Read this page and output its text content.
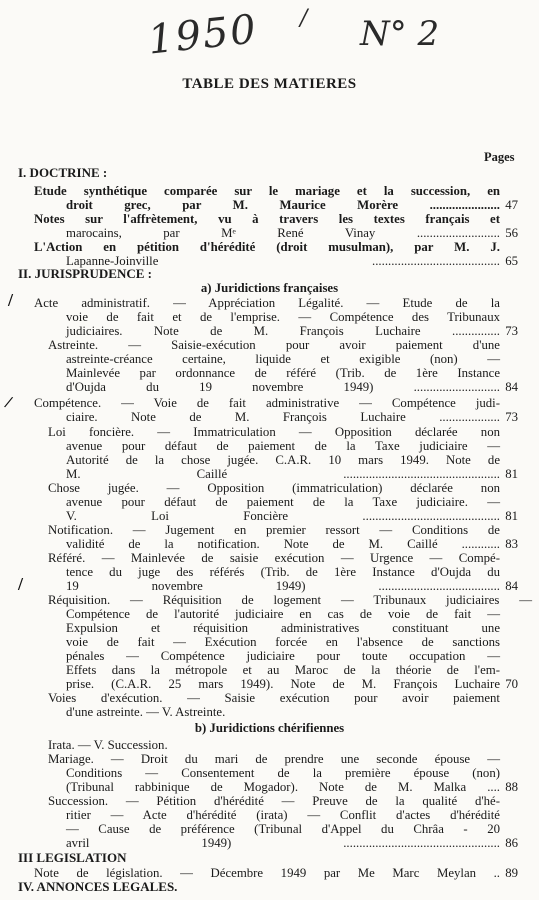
1950 / N° 2
TABLE DES MATIERES
Pages
I. DOCTRINE :
Etude synthétique comparée sur le mariage et la succession, en
droit grec, par M. Maurice Morère ...................... 47
Notes sur l'affrètement, vu à travers les textes français et
marocains, par Mᵉ René Vinay .......................... 56
L'Action en pétition d'hérédité (droit musulman), par M. J.
Lapanne-Joinville ........................................ 65
II. JURISPRUDENCE :
a) Juridictions françaises
/ Acte administratif. — Appréciation Légalité. — Etude de la
voie de fait et de l'emprise. — Compétence des Tribunaux
judiciaires. Note de M. François Luchaire ............... 73
Astreinte. — Saisie-exécution pour avoir paiement d'une
astreinte-créance certaine, liquide et exigible (non) —
Mainlevée par ordonnance de référé (Trib. de 1ère Instance
d'Oujda du 19 novembre 1949) ........................... 84
/ Compétence. — Voie de fait administrative — Compétence judi-
ciaire. Note de M. François Luchaire ................... 73
Loi foncière. — Immatriculation — Opposition déclarée non
avenue pour défaut de paiement de la Taxe judiciaire —
Autorité de la chose jugée. C.A.R. 10 mars 1949. Note de
M. Caillé ................................................. 81
Chose jugée. — Opposition (immatriculation) déclarée non
avenue pour défaut de paiement de la Taxe judiciaire. —
V. Loi Foncière ........................................... 81
Notification. — Jugement en premier ressort — Conditions de
validité de la notification. Note de M. Caillé ............ 83
Référé. — Mainlevée de saisie exécution — Urgence — Compé-
tence du juge des référés (Trib. de 1ère Instance d'Oujda du
19 novembre 1949) ...................................... 84
/
Réquisition. — Réquisition de logement — Tribunaux judiciaires —
Compétence de l'autorité judiciaire en cas de voie de fait —
Expulsion et réquisition administratives constituant une
voie de fait — Exécution forcée en l'absence de sanctions
pénales — Compétence judiciaire pour toute occupation —
Effets dans la métropole et au Maroc de la théorie de l'em-
prise. (C.A.R. 25 mars 1949). Note de M. François Luchaire 70
Voies d'exécution. — Saisie exécution pour avoir paiement
d'une astreinte. — V. Astreinte.
b) Juridictions chérifiennes
Irata. — V. Succession.
Mariage. — Droit du mari de prendre une seconde épouse —
Conditions — Consentement de la première épouse (non)
(Tribunal rabbinique de Mogador). Note de M. Malka .... 88
Succession. — Pétition d'hérédité — Preuve de la qualité d'hé-
ritier — Acte d'hérédité (irata) — Conflit d'actes d'hérédité
— Cause de préférence (Tribunal d'Appel du Chrâa - 20
avril 1949) ................................................. 86
III LEGISLATION
Note de législation. — Décembre 1949 par Me Marc Meylan .. 89
IV. ANNONCES LEGALES.
